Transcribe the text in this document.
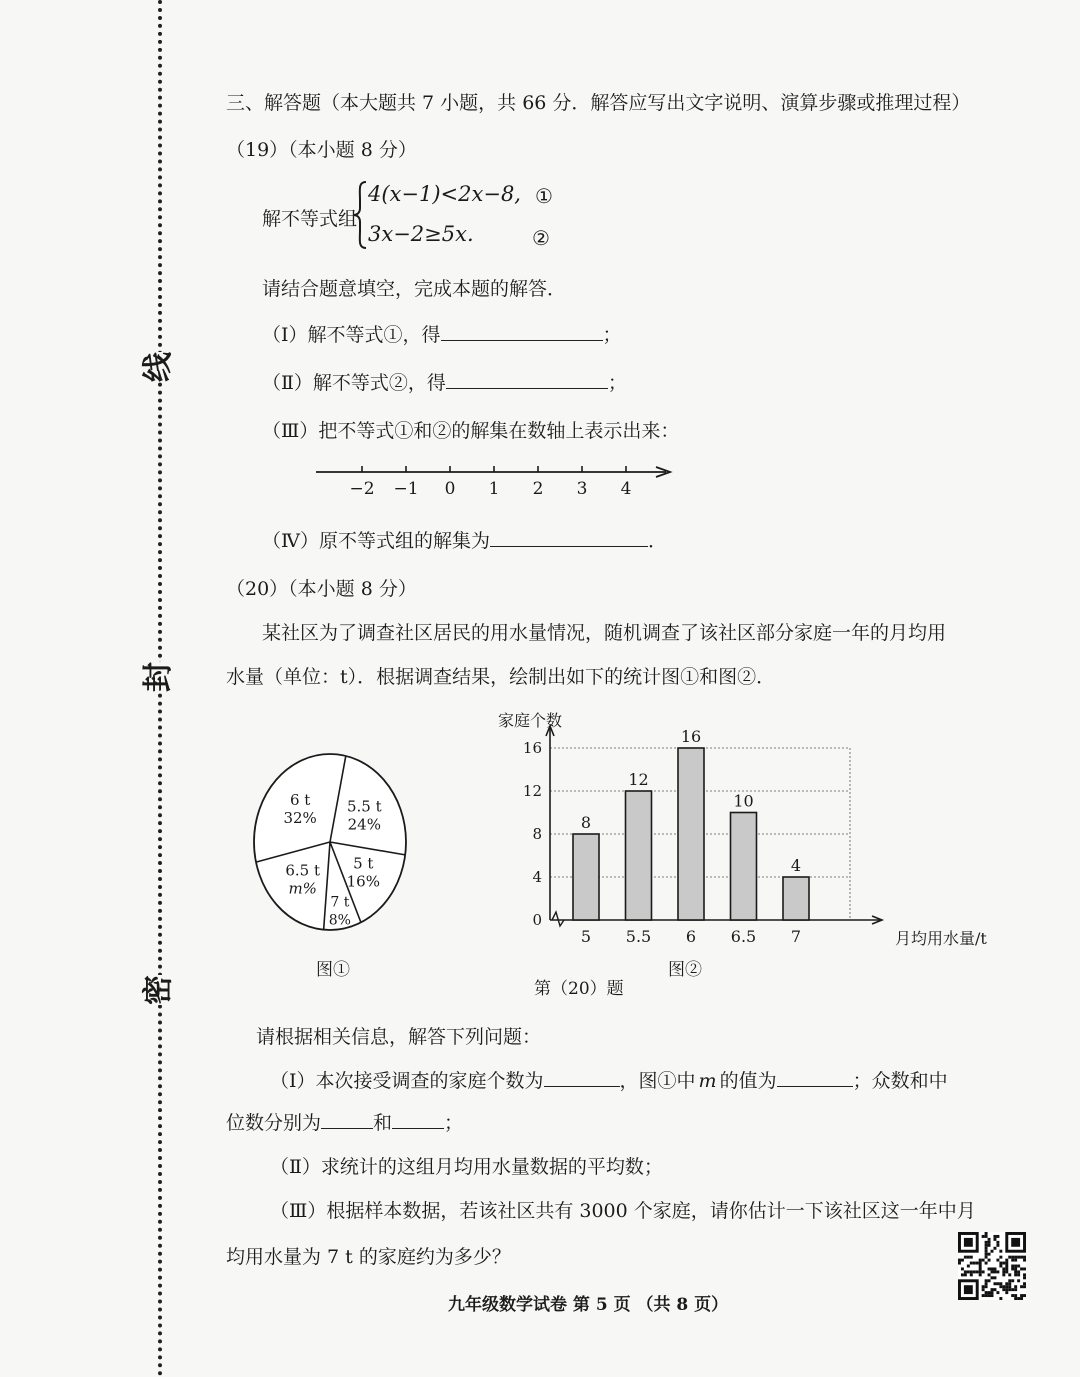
线
封
密
三、解答题（本大题共 7 小题，共 66 分．解答应写出文字说明、演算步骤或推理过程）
（19）（本小题 8 分）
解不等式组
4(x−1)<2x−8, ①
3x−2≥5x.	②
请结合题意填空，完成本题的解答．
（Ⅰ）解不等式①，得	；
（Ⅱ）解不等式②，得	；
（Ⅲ）把不等式①和②的解集在数轴上表示出来：
−2 −1 0 1 2 3 4
（Ⅳ）原不等式组的解集为	．
（20）（本小题 8 分）
某社区为了调查社区居民的用水量情况，随机调查了该社区部分家庭一年的月均用
水量（单位：t）．根据调查结果，绘制出如下的统计图①和图②．
5.5 t
24%
5 t
16%
7 t
8%
6.5 t
m%
6 t
32%
图①
0
4
8
12
16
家庭个数
月均用水量/t
8
5
12
5.5
16
6
10
6.5
4
7
图②
第（20）题
请根据相关信息，解答下列问题：
（Ⅰ）本次接受调查的家庭个数为	，图①中 m 的值为	；众数和中
位数分别为	和	；
（Ⅱ）求统计的这组月均用水量数据的平均数；
（Ⅲ）根据样本数据，若该社区共有 3000 个家庭，请你估计一下该社区这一年中月
均用水量为 7 t 的家庭约为多少？
九年级数学试卷 第 5 页 （共 8 页）
